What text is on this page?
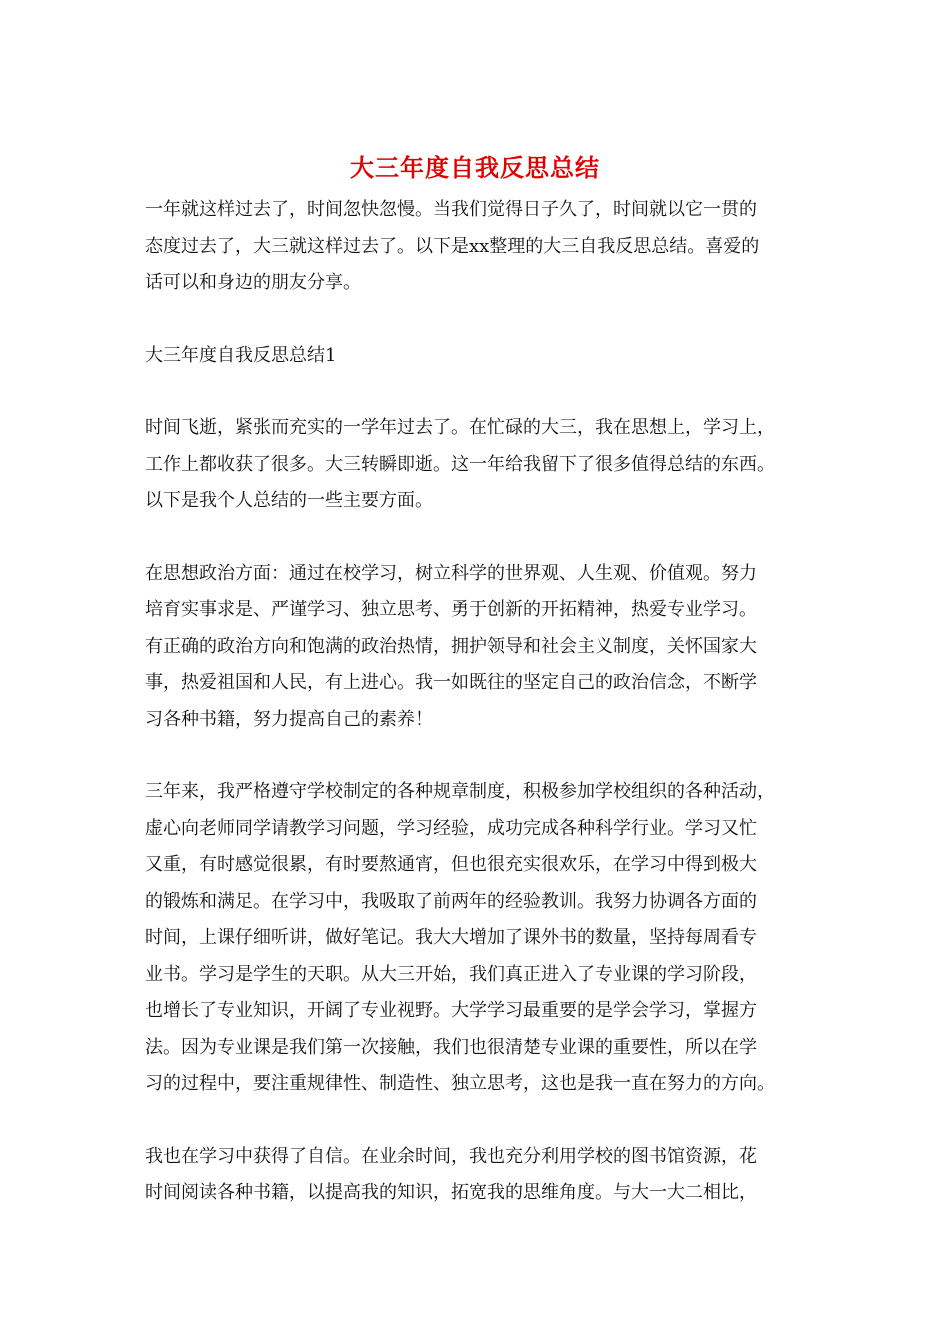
大三年度自我反思总结

一年就这样过去了，时间忽快忽慢。当我们觉得日子久了，时间就以它一贯的
态度过去了，大三就这样过去了。以下是xx整理的大三自我反思总结。喜爱的
话可以和身边的朋友分享。

大三年度自我反思总结1

时间飞逝，紧张而充实的一学年过去了。在忙碌的大三，我在思想上，学习上，
工作上都收获了很多。大三转瞬即逝。这一年给我留下了很多值得总结的东西。
以下是我个人总结的一些主要方面。

在思想政治方面：通过在校学习，树立科学的世界观、人生观、价值观。努力
培育实事求是、严谨学习、独立思考、勇于创新的开拓精神，热爱专业学习。
有正确的政治方向和饱满的政治热情，拥护领导和社会主义制度，关怀国家大
事，热爱祖国和人民，有上进心。我一如既往的坚定自己的政治信念，不断学
习各种书籍，努力提高自己的素养！

三年来，我严格遵守学校制定的各种规章制度，积极参加学校组织的各种活动，
虚心向老师同学请教学习问题，学习经验，成功完成各种科学行业。学习又忙
又重，有时感觉很累，有时要熬通宵，但也很充实很欢乐，在学习中得到极大
的锻炼和满足。在学习中，我吸取了前两年的经验教训。我努力协调各方面的
时间，上课仔细听讲，做好笔记。我大大增加了课外书的数量，坚持每周看专
业书。学习是学生的天职。从大三开始，我们真正进入了专业课的学习阶段，
也增长了专业知识，开阔了专业视野。大学学习最重要的是学会学习，掌握方
法。因为专业课是我们第一次接触，我们也很清楚专业课的重要性，所以在学
习的过程中，要注重规律性、制造性、独立思考，这也是我一直在努力的方向。

我也在学习中获得了自信。在业余时间，我也充分利用学校的图书馆资源，花
时间阅读各种书籍，以提高我的知识，拓宽我的思维角度。与大一大二相比，
